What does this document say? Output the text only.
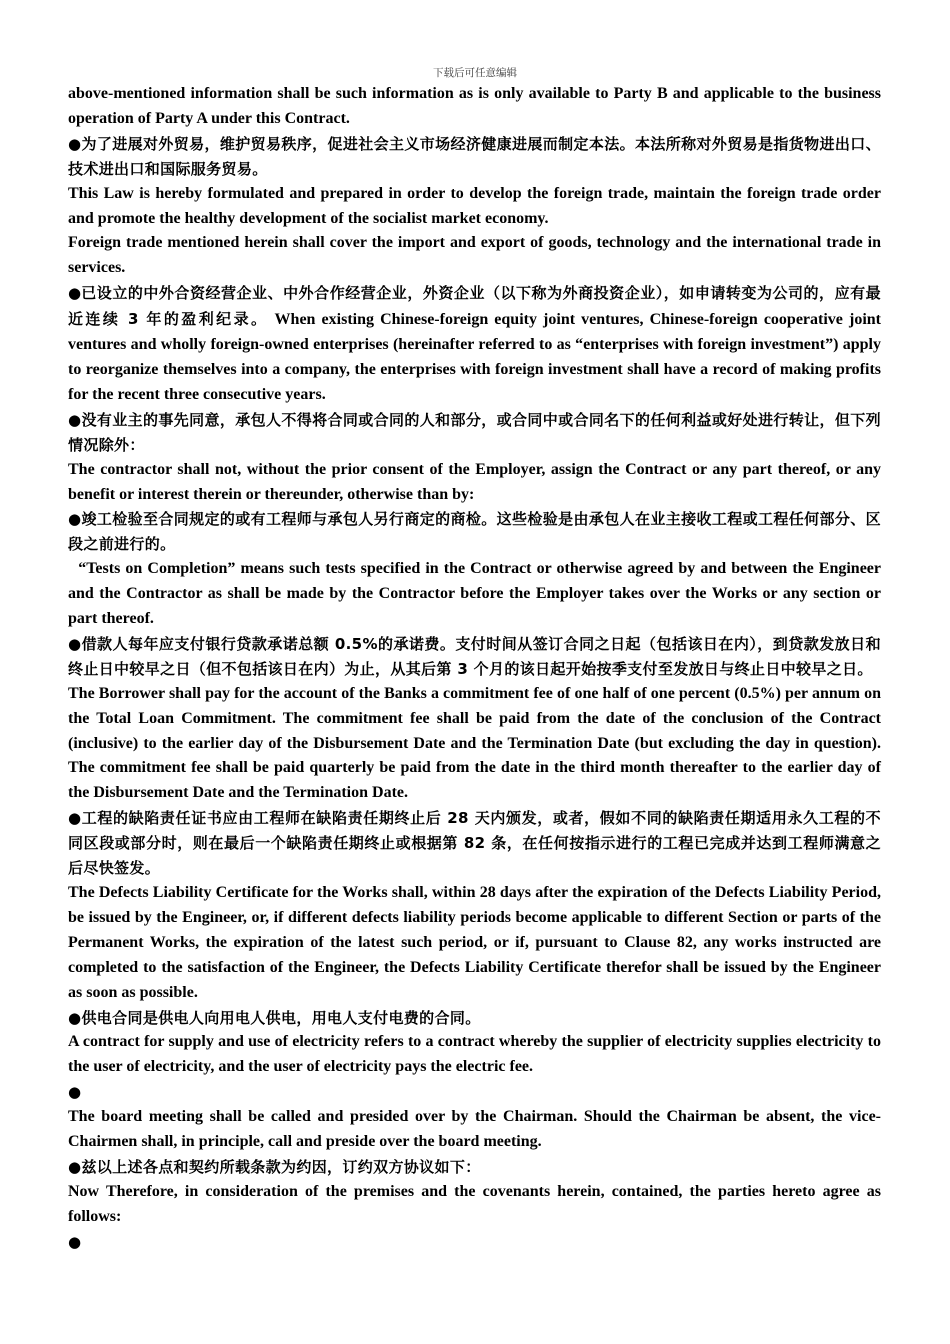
下载后可任意编辑

above-mentioned information shall be such information as is only available to Party B and applicable to the business operation of Party A under this Contract.

●为了进展对外贸易，维护贸易秩序，促进社会主义市场经济健康进展而制定本法。本法所称对外贸易是指货物进出口、技术进出口和国际服务贸易。

This Law is hereby formulated and prepared in order to develop the foreign trade, maintain the foreign trade order and promote the healthy development of the socialist market economy.

Foreign trade mentioned herein shall cover the import and export of goods, technology and the international trade in services.

●已设立的中外合资经营企业、中外合作经营企业，外资企业（以下称为外商投资企业），如申请转变为公司的，应有最近连续 3 年的盈利纪录。 When existing Chinese-foreign equity joint ventures, Chinese-foreign cooperative joint ventures and wholly foreign-owned enterprises (hereinafter referred to as “enterprises with foreign investment”) apply to reorganize themselves into a company, the enterprises with foreign investment shall have a record of making profits for the recent three consecutive years.

●没有业主的事先同意，承包人不得将合同或合同的人和部分，或合同中或合同名下的任何利益或好处进行转让，但下列情况除外：

The contractor shall not, without the prior consent of the Employer, assign the Contract or any part thereof, or any benefit or interest therein or thereunder, otherwise than by:

●竣工检验至合同规定的或有工程师与承包人另行商定的商检。这些检验是由承包人在业主接收工程或工程任何部分、区段之前进行的。

“Tests on Completion” means such tests specified in the Contract or otherwise agreed by and between the Engineer and the Contractor as shall be made by the Contractor before the Employer takes over the Works or any section or part thereof.

●借款人每年应支付银行贷款承诺总额 0.5%的承诺费。支付时间从签订合同之日起（包括该日在内），到贷款发放日和终止日中较早之日（但不包括该日在内）为止，从其后第 3 个月的该日起开始按季支付至发放日与终止日中较早之日。

The Borrower shall pay for the account of the Banks a commitment fee of one half of one percent (0.5%) per annum on the Total Loan Commitment. The commitment fee shall be paid from the date of the conclusion of the Contract (inclusive) to the earlier day of the Disbursement Date and the Termination Date (but excluding the day in question). The commitment fee shall be paid quarterly be paid from the date in the third month thereafter to the earlier day of the Disbursement Date and the Termination Date.

●工程的缺陷责任证书应由工程师在缺陷责任期终止后 28 天内颁发，或者，假如不同的缺陷责任期适用永久工程的不同区段或部分时，则在最后一个缺陷责任期终止或根据第 82 条，在任何按指示进行的工程已完成并达到工程师满意之后尽快签发。

The Defects Liability Certificate for the Works shall, within 28 days after the expiration of the Defects Liability Period, be issued by the Engineer, or, if different defects liability periods become applicable to different Section or parts of the Permanent Works, the expiration of the latest such period, or if, pursuant to Clause 82, any works instructed are completed to the satisfaction of the Engineer, the Defects Liability Certificate therefor shall be issued by the Engineer as soon as possible.

●供电合同是供电人向用电人供电，用电人支付电费的合同。

A contract for supply and use of electricity refers to a contract whereby the supplier of electricity supplies electricity to the user of electricity, and the user of electricity pays the electric fee.

●

The board meeting shall be called and presided over by the Chairman. Should the Chairman be absent, the vice-Chairmen shall, in principle, call and preside over the board meeting.

●兹以上述各点和契约所载条款为约因，订约双方协议如下：

Now Therefore, in consideration of the premises and the covenants herein, contained, the parties hereto agree as follows:

●
